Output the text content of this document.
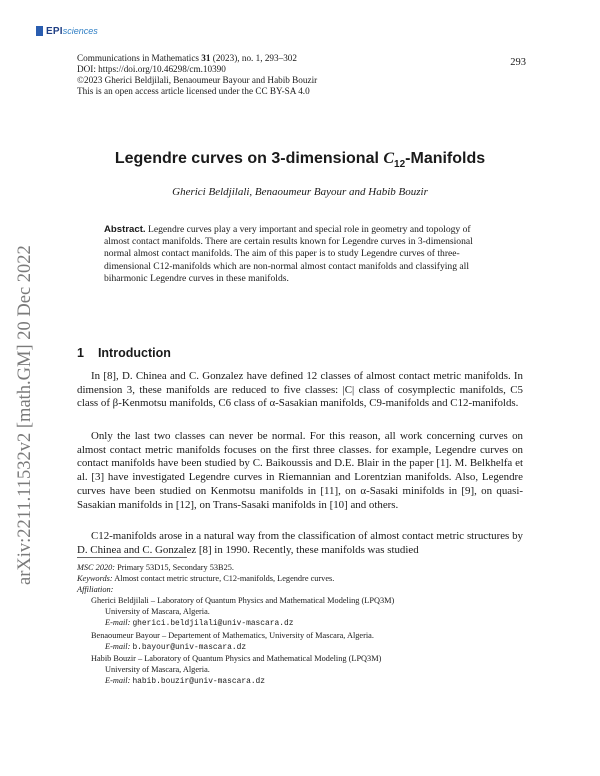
EPI sciences
Communications in Mathematics 31 (2023), no. 1, 293–302
DOI: https://doi.org/10.46298/cm.10390
©2023 Gherici Beldjilali, Benaoumeur Bayour and Habib Bouzir
This is an open access article licensed under the CC BY-SA 4.0
293
arXiv:2211.11532v2 [math.GM] 20 Dec 2022
Legendre curves on 3-dimensional $C_{12}$-Manifolds
Gherici Beldjilali, Benaoumeur Bayour and Habib Bouzir
Abstract. Legendre curves play a very important and special role in geometry and topology of almost contact manifolds. There are certain results known for Legendre curves in 3-dimensional normal almost contact manifolds. The aim of this paper is to study Legendre curves of three-dimensional C12-manifolds which are non-normal almost contact manifolds and classifying all biharmonic Legendre curves in these manifolds.
1 Introduction
In [8], D. Chinea and C. Gonzalez have defined 12 classes of almost contact metric manifolds. In dimension 3, these manifolds are reduced to five classes: |C| class of cosymplectic manifolds, C5 class of β-Kenmotsu manifolds, C6 class of α-Sasakian manifolds, C9-manifolds and C12-manifolds.
Only the last two classes can never be normal. For this reason, all work concerning curves on almost contact metric manifolds focuses on the first three classes. for example, Legendre curves on contact manifolds have been studied by C. Baikoussis and D.E. Blair in the paper [1]. M. Belkhelfa et al. [3] have investigated Legendre curves in Riemannian and Lorentzian manifolds. Also, Legendre curves have been studied on Kenmotsu manifolds in [11], on α-Sasaki minifolds in [9], on quasi-Sasakian manifolds in [12], on Trans-Sasaki manifolds in [10] and others.
C12-manifolds arose in a natural way from the classification of almost contact metric structures by D. Chinea and C. Gonzalez [8] in 1990. Recently, these manifolds was studied
MSC 2020: Primary 53D15, Secondary 53B25.
Keywords: Almost contact metric structure, C12-manifolds, Legendre curves.
Affiliation:
Gherici Beldjilali – Laboratory of Quantum Physics and Mathematical Modeling (LPQ3M)
University of Mascara, Algeria.
E-mail: gherici.beldjilali@univ-mascara.dz
Benaoumeur Bayour – Departement of Mathematics, University of Mascara, Algeria.
E-mail: b.bayour@univ-mascara.dz
Habib Bouzir – Laboratory of Quantum Physics and Mathematical Modeling (LPQ3M)
University of Mascara, Algeria.
E-mail: habib.bouzir@univ-mascara.dz
